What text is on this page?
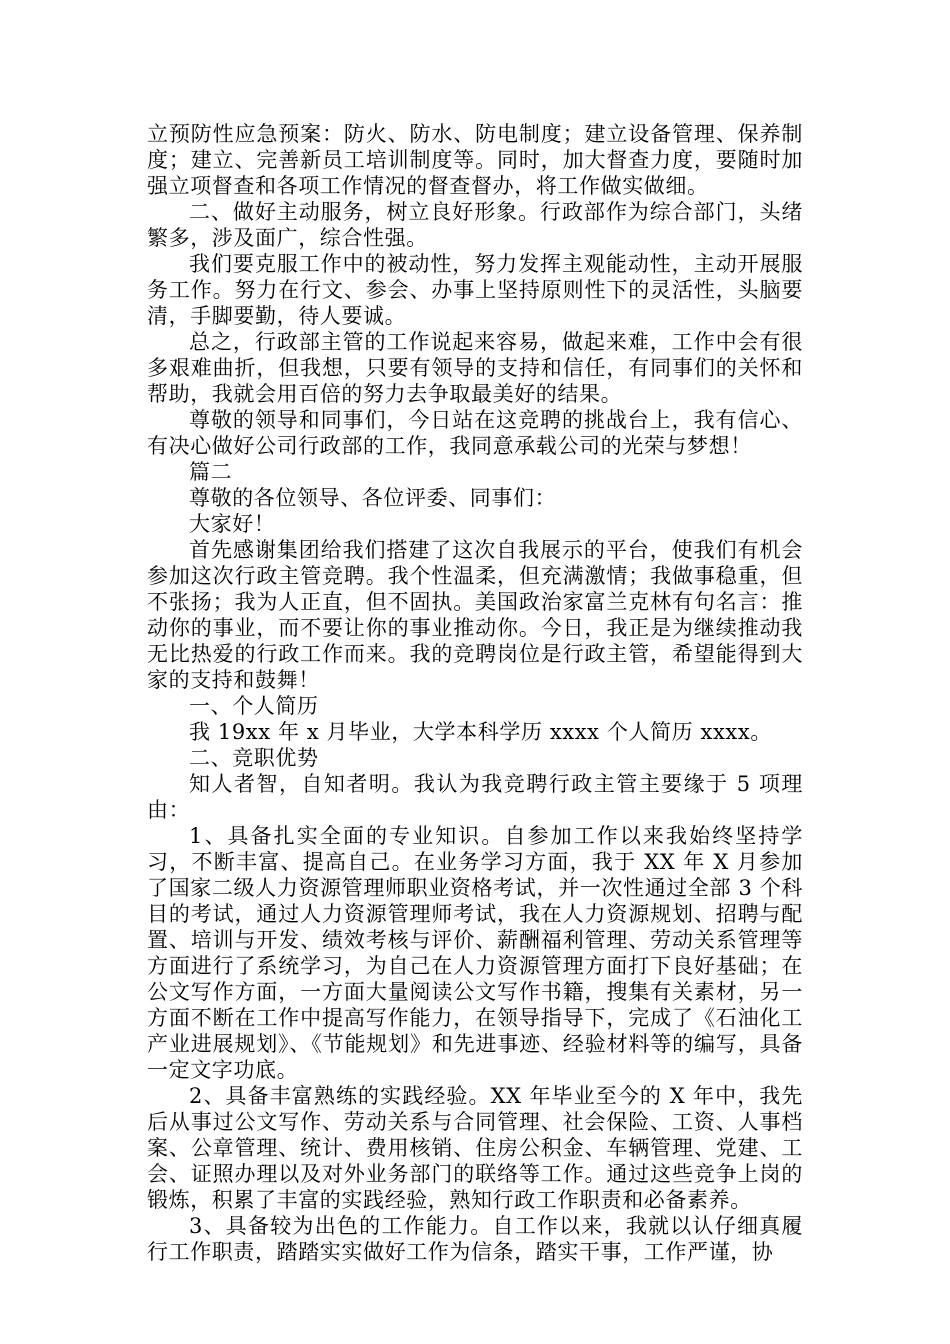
立预防性应急预案：防火、防水、防电制度；建立设备管理、保养制度；建立、完善新员工培训制度等。同时，加大督查力度，要随时加强立项督查和各项工作情况的督查督办，将工作做实做细。

二、做好主动服务，树立良好形象。行政部作为综合部门，头绪繁多，涉及面广，综合性强。

我们要克服工作中的被动性，努力发挥主观能动性，主动开展服务工作。努力在行文、参会、办事上坚持原则性下的灵活性，头脑要清，手脚要勤，待人要诚。

总之，行政部主管的工作说起来容易，做起来难，工作中会有很多艰难曲折，但我想，只要有领导的支持和信任，有同事们的关怀和帮助，我就会用百倍的努力去争取最美好的结果。

尊敬的领导和同事们，今日站在这竞聘的挑战台上，我有信心、有决心做好公司行政部的工作，我同意承载公司的光荣与梦想！

篇二

尊敬的各位领导、各位评委、同事们：

大家好！

首先感谢集团给我们搭建了这次自我展示的平台，使我们有机会参加这次行政主管竞聘。我个性温柔，但充满激情；我做事稳重，但不张扬；我为人正直，但不固执。美国政治家富兰克林有句名言：推动你的事业，而不要让你的事业推动你。今日，我正是为继续推动我无比热爱的行政工作而来。我的竞聘岗位是行政主管，希望能得到大家的支持和鼓舞！

一、个人简历

我 19xx 年 x 月毕业，大学本科学历 xxxx 个人简历 xxxx。

二、竞职优势

知人者智，自知者明。我认为我竞聘行政主管主要缘于 5 项理由：

1、具备扎实全面的专业知识。自参加工作以来我始终坚持学习，不断丰富、提高自己。在业务学习方面，我于 XX 年 X 月参加了国家二级人力资源管理师职业资格考试，并一次性通过全部 3 个科目的考试，通过人力资源管理师考试，我在人力资源规划、招聘与配置、培训与开发、绩效考核与评价、薪酬福利管理、劳动关系管理等方面进行了系统学习，为自己在人力资源管理方面打下良好基础；在公文写作方面，一方面大量阅读公文写作书籍，搜集有关素材，另一方面不断在工作中提高写作能力，在领导指导下，完成了《石油化工产业进展规划》、《节能规划》和先进事迹、经验材料等的编写，具备一定文字功底。

2、具备丰富熟练的实践经验。XX 年毕业至今的 X 年中，我先后从事过公文写作、劳动关系与合同管理、社会保险、工资、人事档案、公章管理、统计、费用核销、住房公积金、车辆管理、党建、工会、证照办理以及对外业务部门的联络等工作。通过这些竞争上岗的锻炼，积累了丰富的实践经验，熟知行政工作职责和必备素养。

3、具备较为出色的工作能力。自工作以来，我就以认仔细真履行工作职责，踏踏实实做好工作为信条，踏实干事，工作严谨，协
